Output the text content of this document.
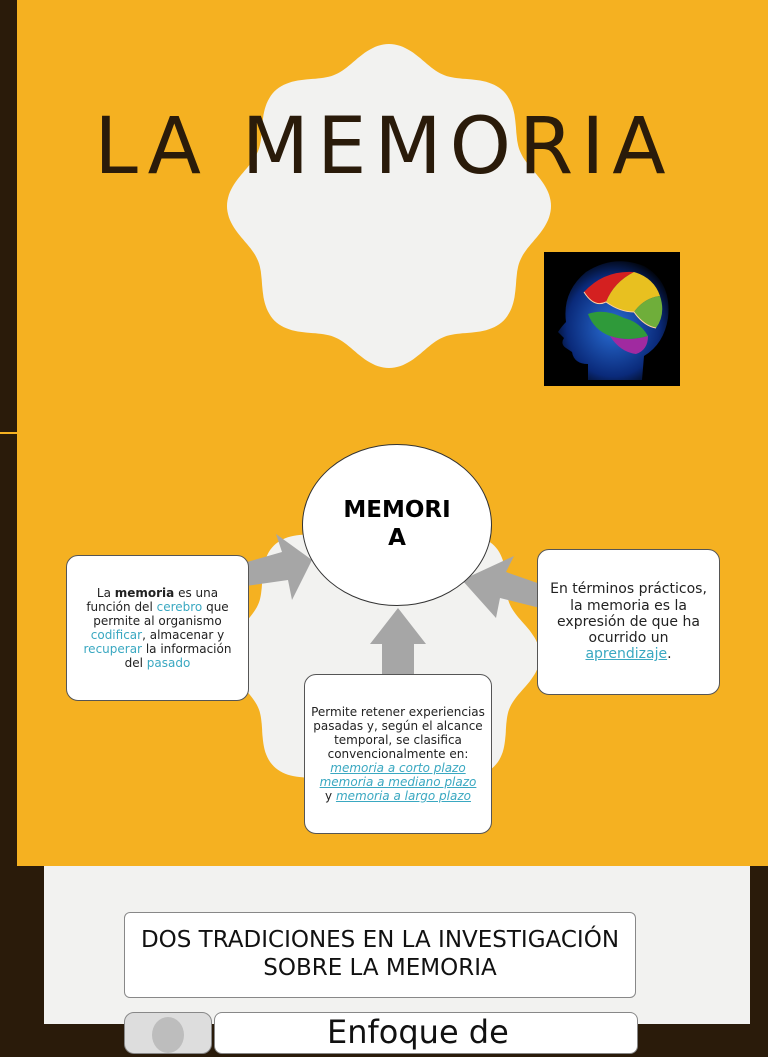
LA MEMORIA
MEMORIA
La memoria es una función del cerebro que permite al organismo codificar, almacenar y recuperar la información del pasado
En términos prácticos, la memoria es la expresión de que ha ocurrido un aprendizaje.
Permite retener experiencias pasadas y, según el alcance temporal, se clasifica convencionalmente en:
memoria a corto plazo
memoria a mediano plazo
y memoria a largo plazo
DOS TRADICIONES EN LA INVESTIGACIÓN SOBRE LA MEMORIA
Enfoque de
